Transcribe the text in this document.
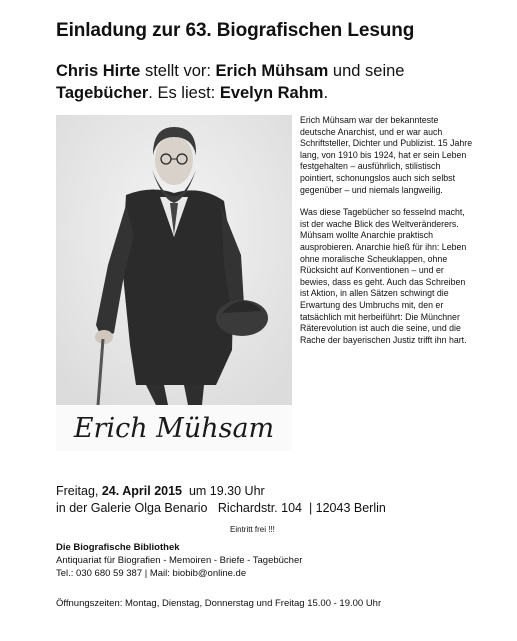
Einladung zur 63. Biografischen Lesung
Chris Hirte stellt vor: Erich Mühsam und seine
Tagebücher. Es liest: Evelyn Rahm.
Erich Mühsam

Erich Mühsam war der bekannteste deutsche Anarchist, und er war auch Schriftsteller, Dichter und Publizist. 15 Jahre lang, von 1910 bis 1924, hat er sein Leben festgehalten – ausführlich, stilistisch pointiert, schonungslos auch sich selbst gegenüber – und niemals langweilig.

Was diese Tagebücher so fesselnd macht, ist der wache Blick des Weltveränderers. Mühsam wollte Anarchie praktisch ausprobieren. Anarchie hieß für ihn: Leben ohne moralische Scheuklappen, ohne Rücksicht auf Konventionen – und er bewies, dass es geht. Auch das Schreiben ist Aktion, in allen Sätzen schwingt die Erwartung des Umbruchs mit, den er tatsächlich mit herbeiführt: Die Münchner Räterevolution ist auch die seine, und die Rache der bayerischen Justiz trifft ihn hart.

Freitag, 24. April 2015 um 19.30 Uhr
in der Galerie Olga Benario Richardstr. 104 | 12043 Berlin
Eintritt frei !!!
Die Biografische Bibliothek
Antiquariat für Biografien - Memoiren - Briefe - Tagebücher
Tel.: 030 680 59 387 | Mail: biobib@online.de
Öffnungszeiten: Montag, Dienstag, Donnerstag und Freitag 15.00 - 19.00 Uhr
